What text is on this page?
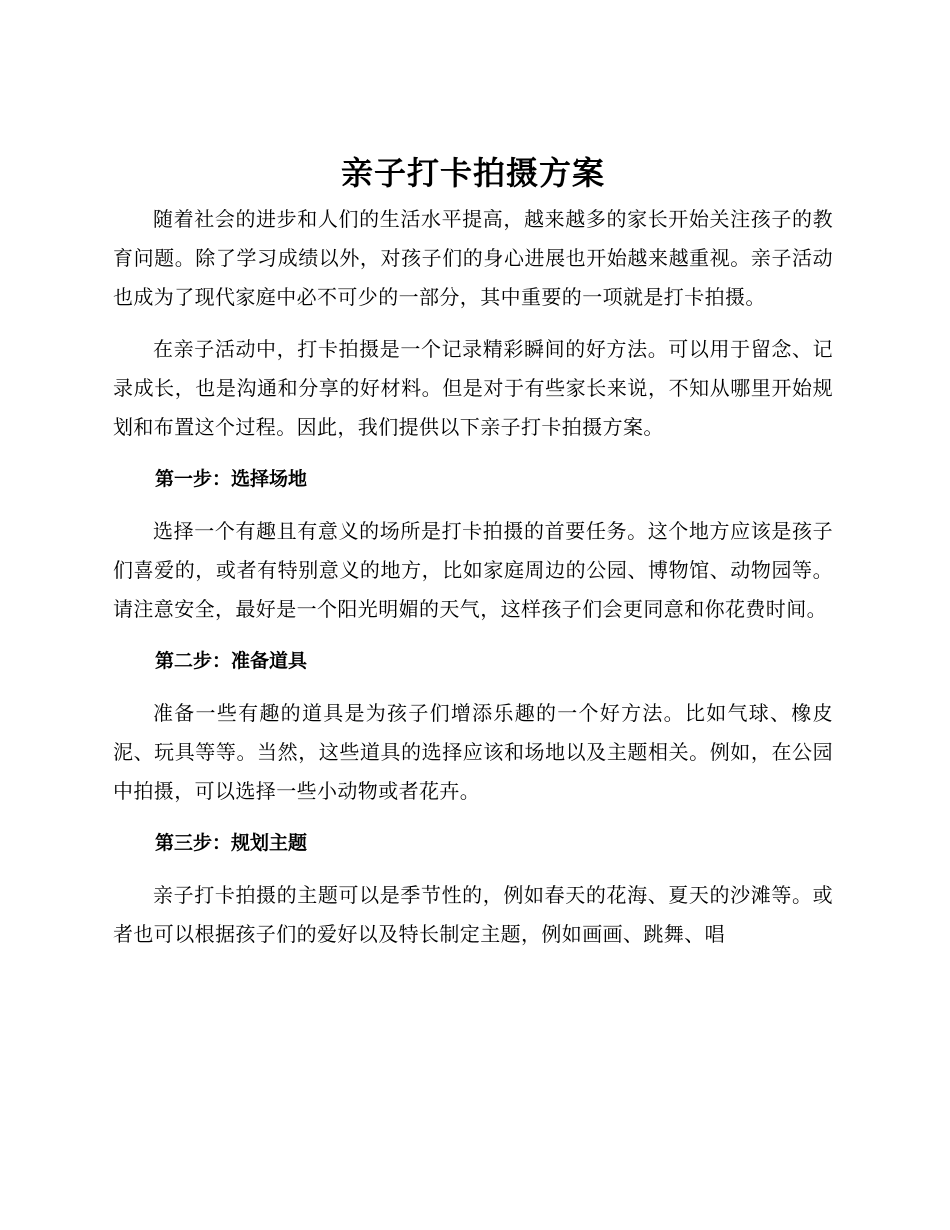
亲子打卡拍摄方案

随着社会的进步和人们的生活水平提高，越来越多的家长开始关注孩子的教育问题。除了学习成绩以外，对孩子们的身心进展也开始越来越重视。亲子活动也成为了现代家庭中必不可少的一部分，其中重要的一项就是打卡拍摄。

在亲子活动中，打卡拍摄是一个记录精彩瞬间的好方法。可以用于留念、记录成长，也是沟通和分享的好材料。但是对于有些家长来说，不知从哪里开始规划和布置这个过程。因此，我们提供以下亲子打卡拍摄方案。

第一步：选择场地

选择一个有趣且有意义的场所是打卡拍摄的首要任务。这个地方应该是孩子们喜爱的，或者有特别意义的地方，比如家庭周边的公园、博物馆、动物园等。请注意安全，最好是一个阳光明媚的天气，这样孩子们会更同意和你花费时间。

第二步：准备道具

准备一些有趣的道具是为孩子们增添乐趣的一个好方法。比如气球、橡皮泥、玩具等等。当然，这些道具的选择应该和场地以及主题相关。例如，在公园中拍摄，可以选择一些小动物或者花卉。

第三步：规划主题

亲子打卡拍摄的主题可以是季节性的，例如春天的花海、夏天的沙滩等。或者也可以根据孩子们的爱好以及特长制定主题，例如画画、跳舞、唱
